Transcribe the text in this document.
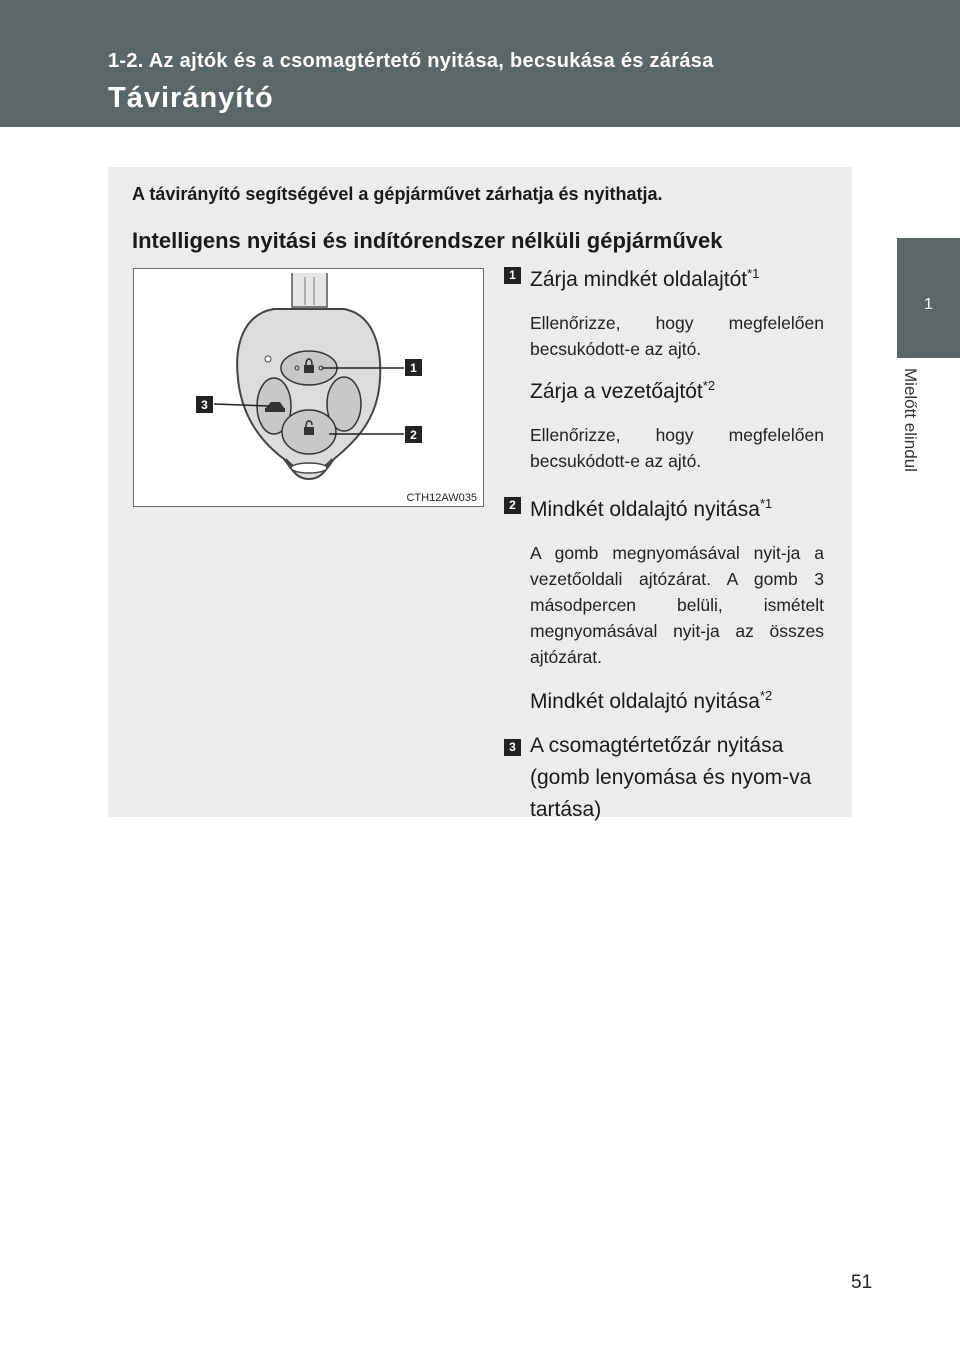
1-2. Az ajtók és a csomagtértető nyitása, becsukása és zárása
Távirányító
1
Mielőtt elindul
A távirányító segítségével a gépjárművet zárhatja és nyithatja.
Intelligens nyitási és indítórendszer nélküli gépjárművek
1
2
3
CTH12AW035
1 Zárja mindkét oldalajtót$^{*1}$
Ellenőrizze, hogy megfelelően becsukódott-e az ajtó.
Zárja a vezetőajtót$^{*2}$
Ellenőrizze, hogy megfelelően becsukódott-e az ajtó.
2 Mindkét oldalajtó nyitása$^{*1}$
A gomb megnyomásával nyit-ja a vezetőoldali ajtózárat. A gomb 3 másodpercen belüli, ismételt megnyomásával nyit-ja az összes ajtózárat.
Mindkét oldalajtó nyitása$^{*2}$
3 A csomagtértetőzár nyitása (gomb lenyomása és nyom-va tartása)
51
